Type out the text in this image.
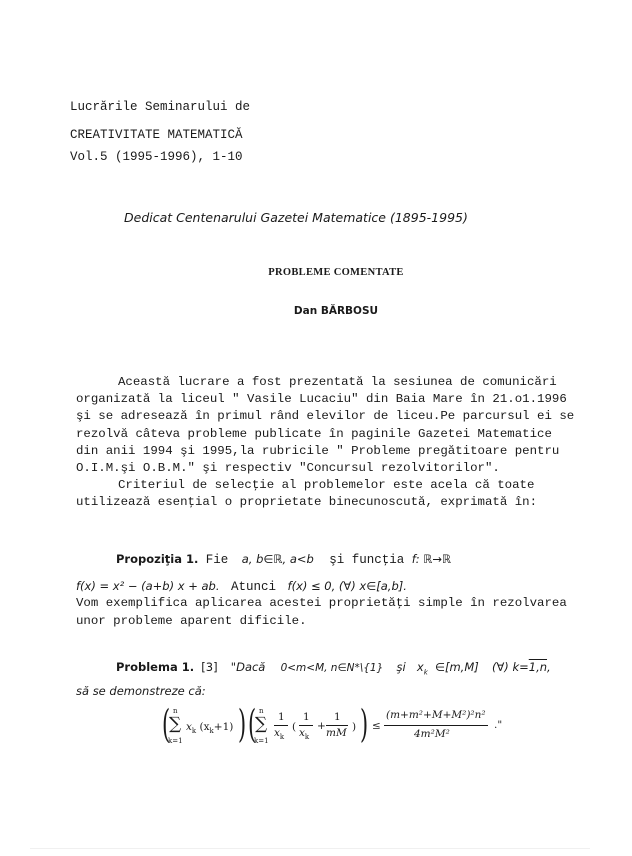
Lucrările Seminarului de
CREATIVITATE MATEMATICĂ
Vol.5 (1995-1996), 1-10
Dedicat Centenarului Gazetei Matematice (1895-1995)
PROBLEME COMENTATE
Dan BĂRBOSU
Această lucrare a fost prezentată la sesiunea de comunicări
organizată la liceul " Vasile Lucaciu" din Baia Mare în 21.o1.1996
şi se adresează în primul rând elevilor de liceu.Pe parcursul ei se
rezolvă câteva probleme publicate în paginile Gazetei Matematice
din anii 1994 şi 1995,la rubricile " Probleme pregătitoare pentru
O.I.M.şi O.B.M." şi respectiv "Concursul rezolvitorilor".
Criteriul de selecţie al problemelor este acela că toate
utilizează esenţial o proprietate binecunoscută, exprimată în:
Propoziţia 1. Fie a, b∈ℝ, a<b şi funcţia f: ℝ→ℝ
f(x) = x² − (a+b) x + ab. Atunci f(x) ≤ 0, (∀) x∈[a,b].
Vom exemplifica aplicarea acestei proprietăţi simple în rezolvarea
unor probleme aparent dificile.
Problema 1. [3] "Dacă 0<m<M, n∈N*\{1} şi $x_k$ ∈[m,M] (∀) k=1,n,
să se demonstreze că:
( n
∑
k=1
$x_k$ $(x_k+1)$ ) ( n
∑
k=1
1
$x_k$
(
1
$x_k$
+
1
mM ) ) ≤
(m+m²+M+M²)²n²
4m²M²
."
